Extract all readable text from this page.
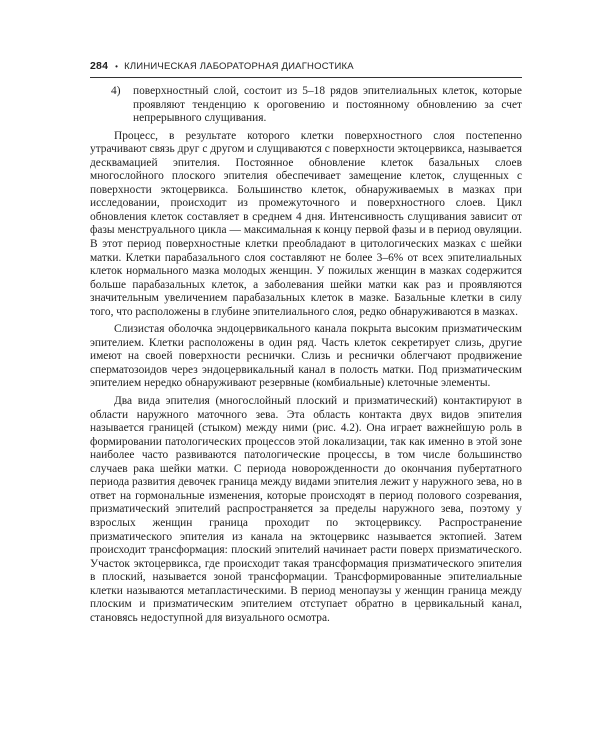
284 • КЛИНИЧЕСКАЯ ЛАБОРАТОРНАЯ ДИАГНОСТИКА

4) поверхностный слой, состоит из 5–18 рядов эпителиальных клеток, которые проявляют тенденцию к ороговению и постоянному обновлению за счет непрерывного слущивания.

Процесс, в результате которого клетки поверхностного слоя постепенно утрачивают связь друг с другом и слущиваются с поверхности эктоцервикса, называется десквамацией эпителия. Постоянное обновление клеток базальных слоев многослойного плоского эпителия обеспечивает замещение клеток, слущенных с поверхности эктоцервикса. Большинство клеток, обнаруживаемых в мазках при исследовании, происходит из промежуточного и поверхностного слоев. Цикл обновления клеток составляет в среднем 4 дня. Интенсивность слущивания зависит от фазы менструального цикла — максимальная к концу первой фазы и в период овуляции. В этот период поверхностные клетки преобладают в цитологических мазках с шейки матки. Клетки парабазального слоя составляют не более 3–6% от всех эпителиальных клеток нормального мазка молодых женщин. У пожилых женщин в мазках содержится больше парабазальных клеток, а заболевания шейки матки как раз и проявляются значительным увеличением парабазальных клеток в мазке. Базальные клетки в силу того, что расположены в глубине эпителиального слоя, редко обнаруживаются в мазках.

Слизистая оболочка эндоцервикального канала покрыта высоким призматическим эпителием. Клетки расположены в один ряд. Часть клеток секретирует слизь, другие имеют на своей поверхности реснички. Слизь и реснички облегчают продвижение сперматозоидов через эндоцервикальный канал в полость матки. Под призматическим эпителием нередко обнаруживают резервные (комбиальные) клеточные элементы.

Два вида эпителия (многослойный плоский и призматический) контактируют в области наружного маточного зева. Эта область контакта двух видов эпителия называется границей (стыком) между ними (рис. 4.2). Она играет важнейшую роль в формировании патологических процессов этой локализации, так как именно в этой зоне наиболее часто развиваются патологические процессы, в том числе большинство случаев рака шейки матки. С периода новорожденности до окончания пубертатного периода развития девочек граница между видами эпителия лежит у наружного зева, но в ответ на гормональные изменения, которые происходят в период полового созревания, призматический эпителий распространяется за пределы наружного зева, поэтому у взрослых женщин граница проходит по эктоцервиксу. Распространение призматического эпителия из канала на эктоцервикс называется эктопией. Затем происходит трансформация: плоский эпителий начинает расти поверх призматического. Участок эктоцервикса, где происходит такая трансформация призматического эпителия в плоский, называется зоной трансформации. Трансформированные эпителиальные клетки называются метапластическими. В период менопаузы у женщин граница между плоским и призматическим эпителием отступает обратно в цервикальный канал, становясь недоступной для визуального осмотра.
